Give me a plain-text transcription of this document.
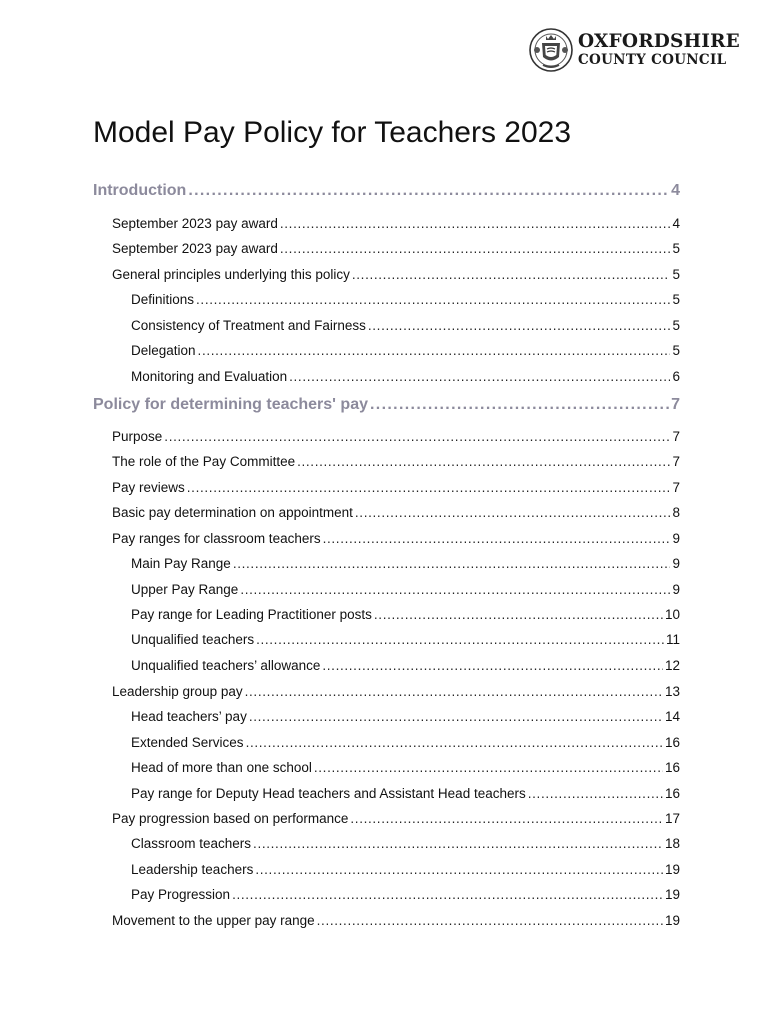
OXFORDSHIRE
COUNTY COUNCIL
Model Pay Policy for Teachers 2023
Introduction . . .	4
September 2023 pay award . . .	4
September 2023 pay award . . .	5
General principles underlying this policy . . .	5
Definitions . . .	5
Consistency of Treatment and Fairness . . .	5
Delegation . . .	5
Monitoring and Evaluation . . .	6
Policy for determining teachers' pay . . .	7
Purpose . . .	7
The role of the Pay Committee . . .	7
Pay reviews . . .	7
Basic pay determination on appointment . . .	8
Pay ranges for classroom teachers . . .	9
Main Pay Range . . .	9
Upper Pay Range . . .	9
Pay range for Leading Practitioner posts . . .	10
Unqualified teachers . . .	11
Unqualified teachers’ allowance . . .	12
Leadership group pay . . .	13
Head teachers’ pay . . .	14
Extended Services . . .	16
Head of more than one school . . .	16
Pay range for Deputy Head teachers and Assistant Head teachers . . .	16
Pay progression based on performance . . .	17
Classroom teachers . . .	18
Leadership teachers . . .	19
Pay Progression . . .	19
Movement to the upper pay range . . .	19
